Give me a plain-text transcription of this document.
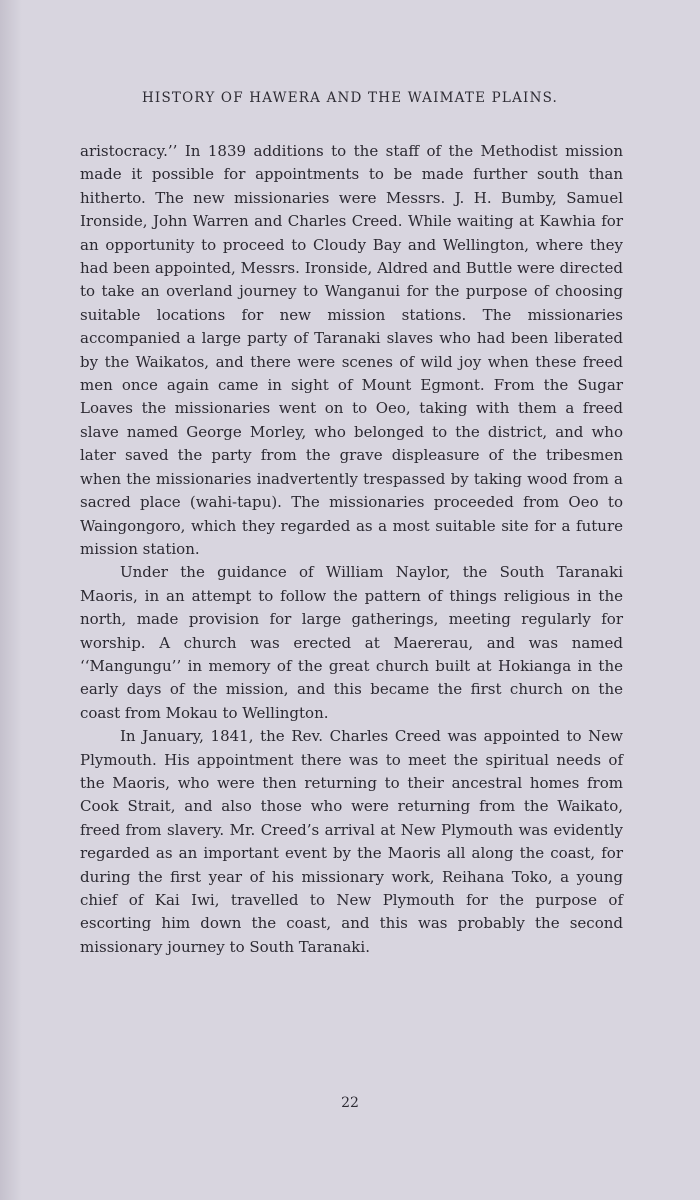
HISTORY OF HAWERA AND THE WAIMATE PLAINS.

aristocracy.’’ In 1839 additions to the staff of the Methodist mission made it possible for appointments to be made further south than hitherto. The new missionaries were Messrs. J. H. Bumby, Samuel Ironside, John Warren and Charles Creed. While waiting at Kawhia for an opportunity to proceed to Cloudy Bay and Wellington, where they had been appointed, Messrs. Ironside, Aldred and Buttle were directed to take an overland journey to Wanganui for the purpose of choosing suitable locations for new mission stations. The missionaries accompanied a large party of Taranaki slaves who had been liberated by the Waikatos, and there were scenes of wild joy when these freed men once again came in sight of Mount Egmont. From the Sugar Loaves the missionaries went on to Oeo, taking with them a freed slave named George Morley, who belonged to the district, and who later saved the party from the grave displeasure of the tribesmen when the missionaries inadvertently trespassed by taking wood from a sacred place (wahi-tapu). The missionaries proceeded from Oeo to Waingongoro, which they regarded as a most suitable site for a future mission station.

Under the guidance of William Naylor, the South Taranaki Maoris, in an attempt to follow the pattern of things religious in the north, made provision for large gatherings, meeting regularly for worship. A church was erected at Maererau, and was named ‘‘Mangungu’’ in memory of the great church built at Hokianga in the early days of the mission, and this became the first church on the coast from Mokau to Wellington.

In January, 1841, the Rev. Charles Creed was appointed to New Plymouth. His appointment there was to meet the spiritual needs of the Maoris, who were then returning to their ancestral homes from Cook Strait, and also those who were returning from the Waikato, freed from slavery. Mr. Creed’s arrival at New Plymouth was evidently regarded as an important event by the Maoris all along the coast, for during the first year of his missionary work, Reihana Toko, a young chief of Kai Iwi, travelled to New Plymouth for the purpose of escorting him down the coast, and this was probably the second missionary journey to South Taranaki.

22
